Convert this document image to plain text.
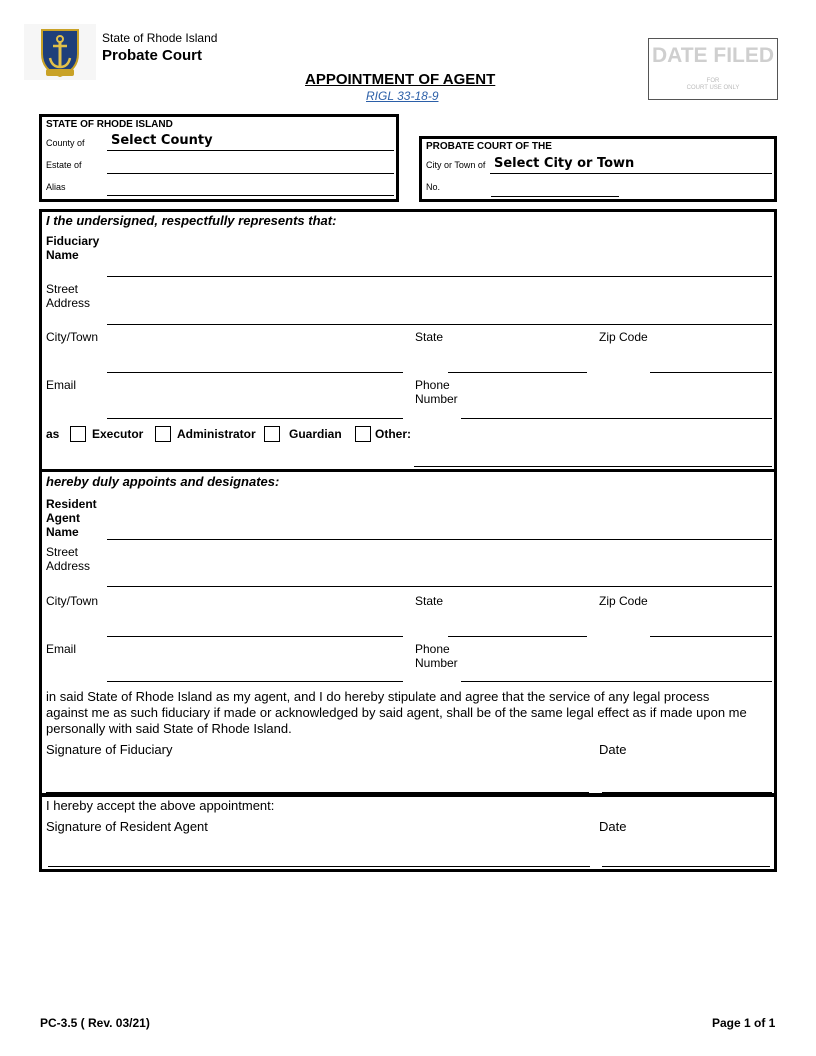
State of Rhode Island
Probate Court
APPOINTMENT OF AGENT
RIGL 33-18-9
DATE FILED
FOR
COURT USE ONLY
STATE OF RHODE ISLAND
County of Select County
Estate of
Alias
PROBATE COURT OF THE
City or Town of Select City or Town
No.
I the undersigned, respectfully represents that:
Fiduciary
Name
Street
Address
City/Town	State	Zip Code
Email	Phone
Number
as	Executor	Administrator	Guardian	Other:
hereby duly appoints and designates:
Resident
Agent
Name
Street
Address
City/Town	State	Zip Code
Email	Phone
Number
in said State of Rhode Island as my agent, and I do hereby stipulate and agree that the service of any legal process
against me as such fiduciary if made or acknowledged by said agent, shall be of the same legal effect as if made upon me
personally with said State of Rhode Island.
Signature of Fiduciary	Date
I hereby accept the above appointment:
Signature of Resident Agent	Date
PC-3.5 ( Rev. 03/21)	Page 1 of 1
